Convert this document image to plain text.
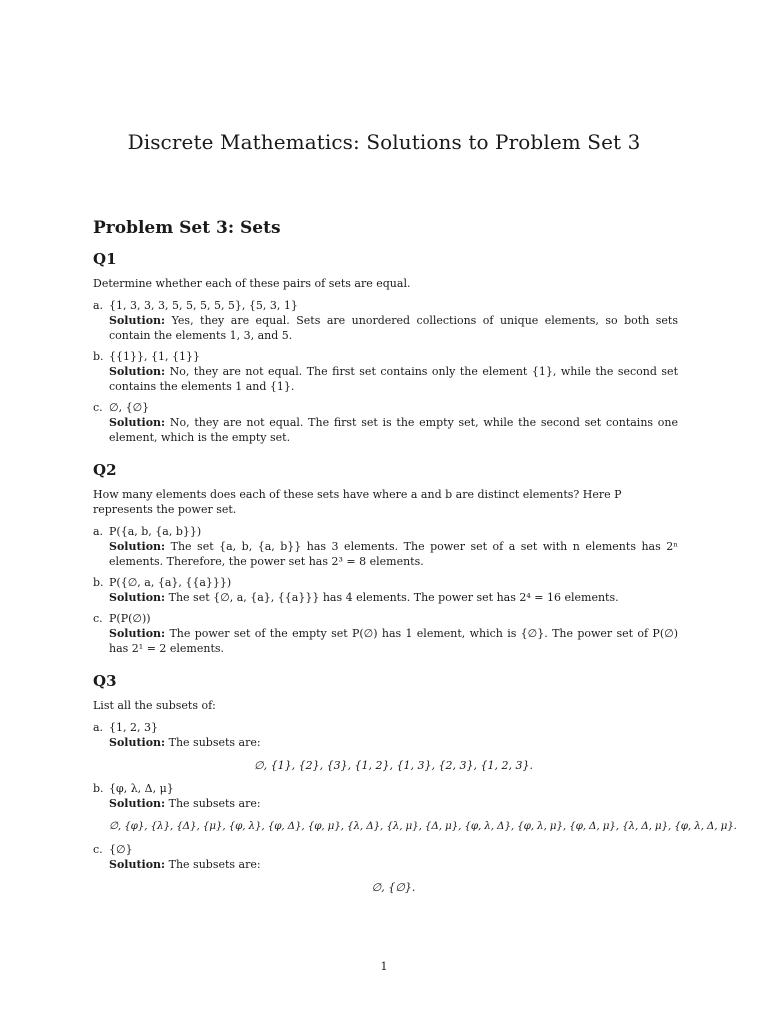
Discrete Mathematics: Solutions to Problem Set 3
Problem Set 3: Sets
Q1

Determine whether each of these pairs of sets are equal.

a. {1, 3, 3, 3, 5, 5, 5, 5, 5}, {5, 3, 1}
Solution: Yes, they are equal. Sets are unordered collections of unique elements, so both sets contain the elements 1, 3, and 5.
b. {{1}}, {1, {1}}
Solution: No, they are not equal. The first set contains only the element {1}, while the second set contains the elements 1 and {1}.
c. ∅, {∅}
Solution: No, they are not equal. The first set is the empty set, while the second set contains one element, which is the empty set.
Q2

How many elements does each of these sets have where a and b are distinct elements? Here P represents the power set.

a. P({a, b, {a, b}})
Solution: The set {a, b, {a, b}} has 3 elements. The power set of a set with n elements has 2ⁿ elements. Therefore, the power set has 2³ = 8 elements.
b. P({∅, a, {a}, {{a}}})
Solution: The set {∅, a, {a}, {{a}}} has 4 elements. The power set has 2⁴ = 16 elements.
c. P(P(∅))
Solution: The power set of the empty set P(∅) has 1 element, which is {∅}. The power set of P(∅) has 2¹ = 2 elements.
Q3

List all the subsets of:

a. {1, 2, 3}
Solution: The subsets are:
∅, {1}, {2}, {3}, {1, 2}, {1, 3}, {2, 3}, {1, 2, 3}.
b. {φ, λ, Δ, μ}
Solution: The subsets are:
∅, {φ}, {λ}, {Δ}, {μ}, {φ, λ}, {φ, Δ}, {φ, μ}, {λ, Δ}, {λ, μ}, {Δ, μ}, {φ, λ, Δ}, {φ, λ, μ}, {φ, Δ, μ}, {λ, Δ, μ}, {φ, λ, Δ, μ}.
c. {∅}
Solution: The subsets are:
∅, {∅}.
1
